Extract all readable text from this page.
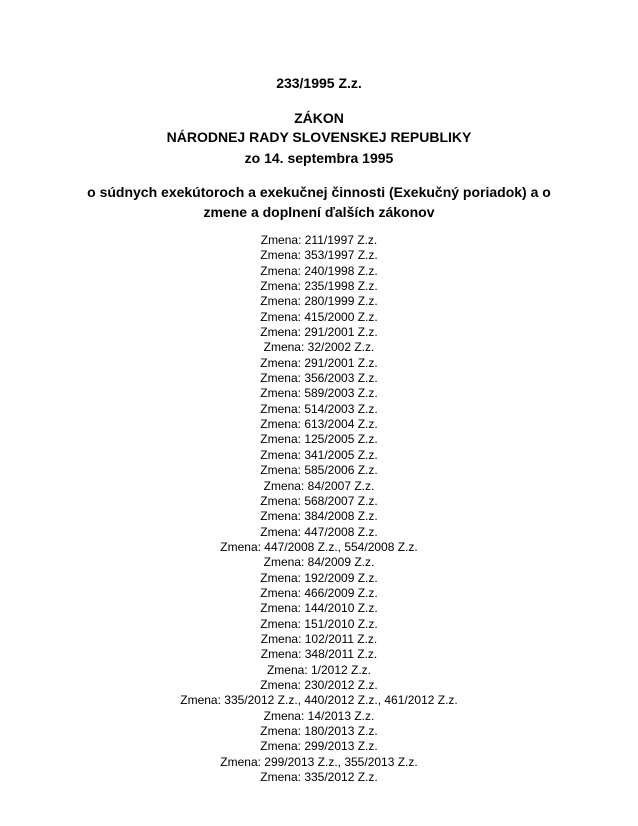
233/1995 Z.z.

ZÁKON
NÁRODNEJ RADY SLOVENSKEJ REPUBLIKY

zo 14. septembra 1995

o súdnych exekútoroch a exekučnej činnosti (Exekučný poriadok) a o
zmene a doplnení ďalších zákonov
Zmena: 211/1997 Z.z.
Zmena: 353/1997 Z.z.
Zmena: 240/1998 Z.z.
Zmena: 235/1998 Z.z.
Zmena: 280/1999 Z.z.
Zmena: 415/2000 Z.z.
Zmena: 291/2001 Z.z.
Zmena: 32/2002 Z.z.
Zmena: 291/2001 Z.z.
Zmena: 356/2003 Z.z.
Zmena: 589/2003 Z.z.
Zmena: 514/2003 Z.z.
Zmena: 613/2004 Z.z.
Zmena: 125/2005 Z.z.
Zmena: 341/2005 Z.z.
Zmena: 585/2006 Z.z.
Zmena: 84/2007 Z.z.
Zmena: 568/2007 Z.z.
Zmena: 384/2008 Z.z.
Zmena: 447/2008 Z.z.
Zmena: 447/2008 Z.z., 554/2008 Z.z.
Zmena: 84/2009 Z.z.
Zmena: 192/2009 Z.z.
Zmena: 466/2009 Z.z.
Zmena: 144/2010 Z.z.
Zmena: 151/2010 Z.z.
Zmena: 102/2011 Z.z.
Zmena: 348/2011 Z.z.
Zmena: 1/2012 Z.z.
Zmena: 230/2012 Z.z.
Zmena: 335/2012 Z.z., 440/2012 Z.z., 461/2012 Z.z.
Zmena: 14/2013 Z.z.
Zmena: 180/2013 Z.z.
Zmena: 299/2013 Z.z.
Zmena: 299/2013 Z.z., 355/2013 Z.z.
Zmena: 335/2012 Z.z.
